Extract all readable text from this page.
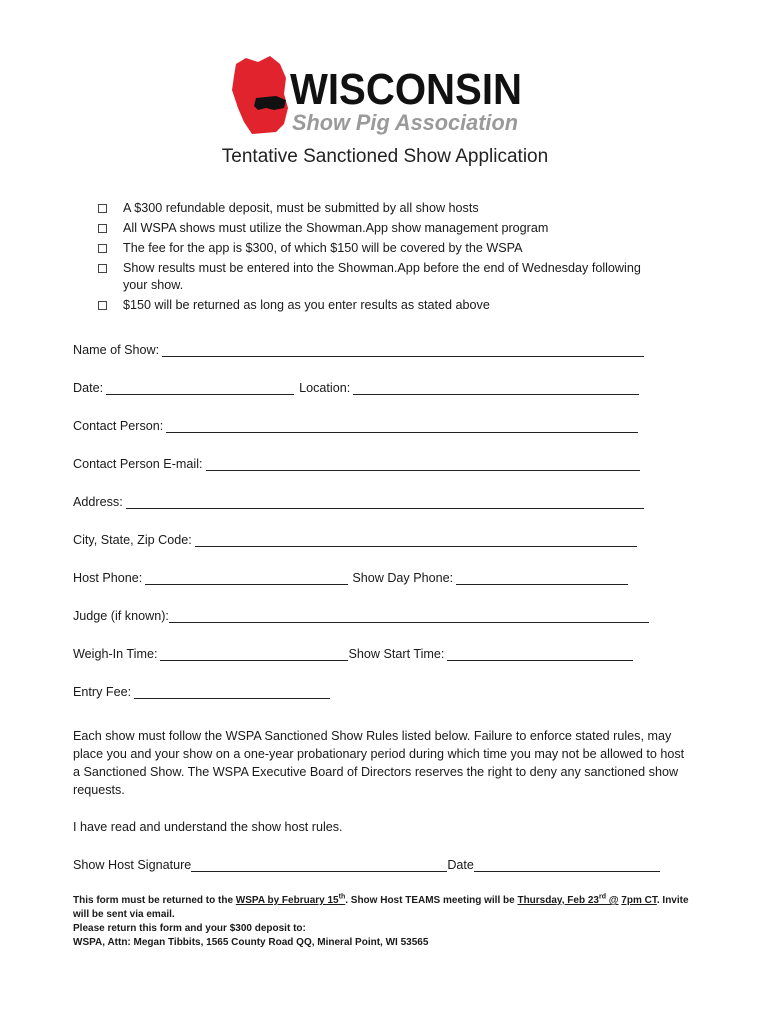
WISCONSIN
Show Pig Association
Tentative Sanctioned Show Application
A $300 refundable deposit, must be submitted by all show hosts
All WSPA shows must utilize the Showman.App show management program
The fee for the app is $300, of which $150 will be covered by the WSPA
Show results must be entered into the Showman.App before the end of Wednesday following your show.
$150 will be returned as long as you enter results as stated above
Name of Show:
Date:	Location:
Contact Person:
Contact Person E-mail:
Address:
City, State, Zip Code:
Host Phone:	Show Day Phone:
Judge (if known):
Weigh-In Time:	Show Start Time:
Entry Fee:

Each show must follow the WSPA Sanctioned Show Rules listed below. Failure to enforce stated rules, may place you and your show on a one-year probationary period during which time you may not be allowed to host a Sanctioned Show. The WSPA Executive Board of Directors reserves the right to deny any sanctioned show requests.

I have read and understand the show host rules.

Show Host Signature	Date

This form must be returned to the WSPA by February 15th. Show Host TEAMS meeting will be Thursday, Feb 23rd @ 7pm CT. Invite will be sent via email.

Please return this form and your $300 deposit to:

WSPA, Attn: Megan Tibbits, 1565 County Road QQ, Mineral Point, WI 53565
